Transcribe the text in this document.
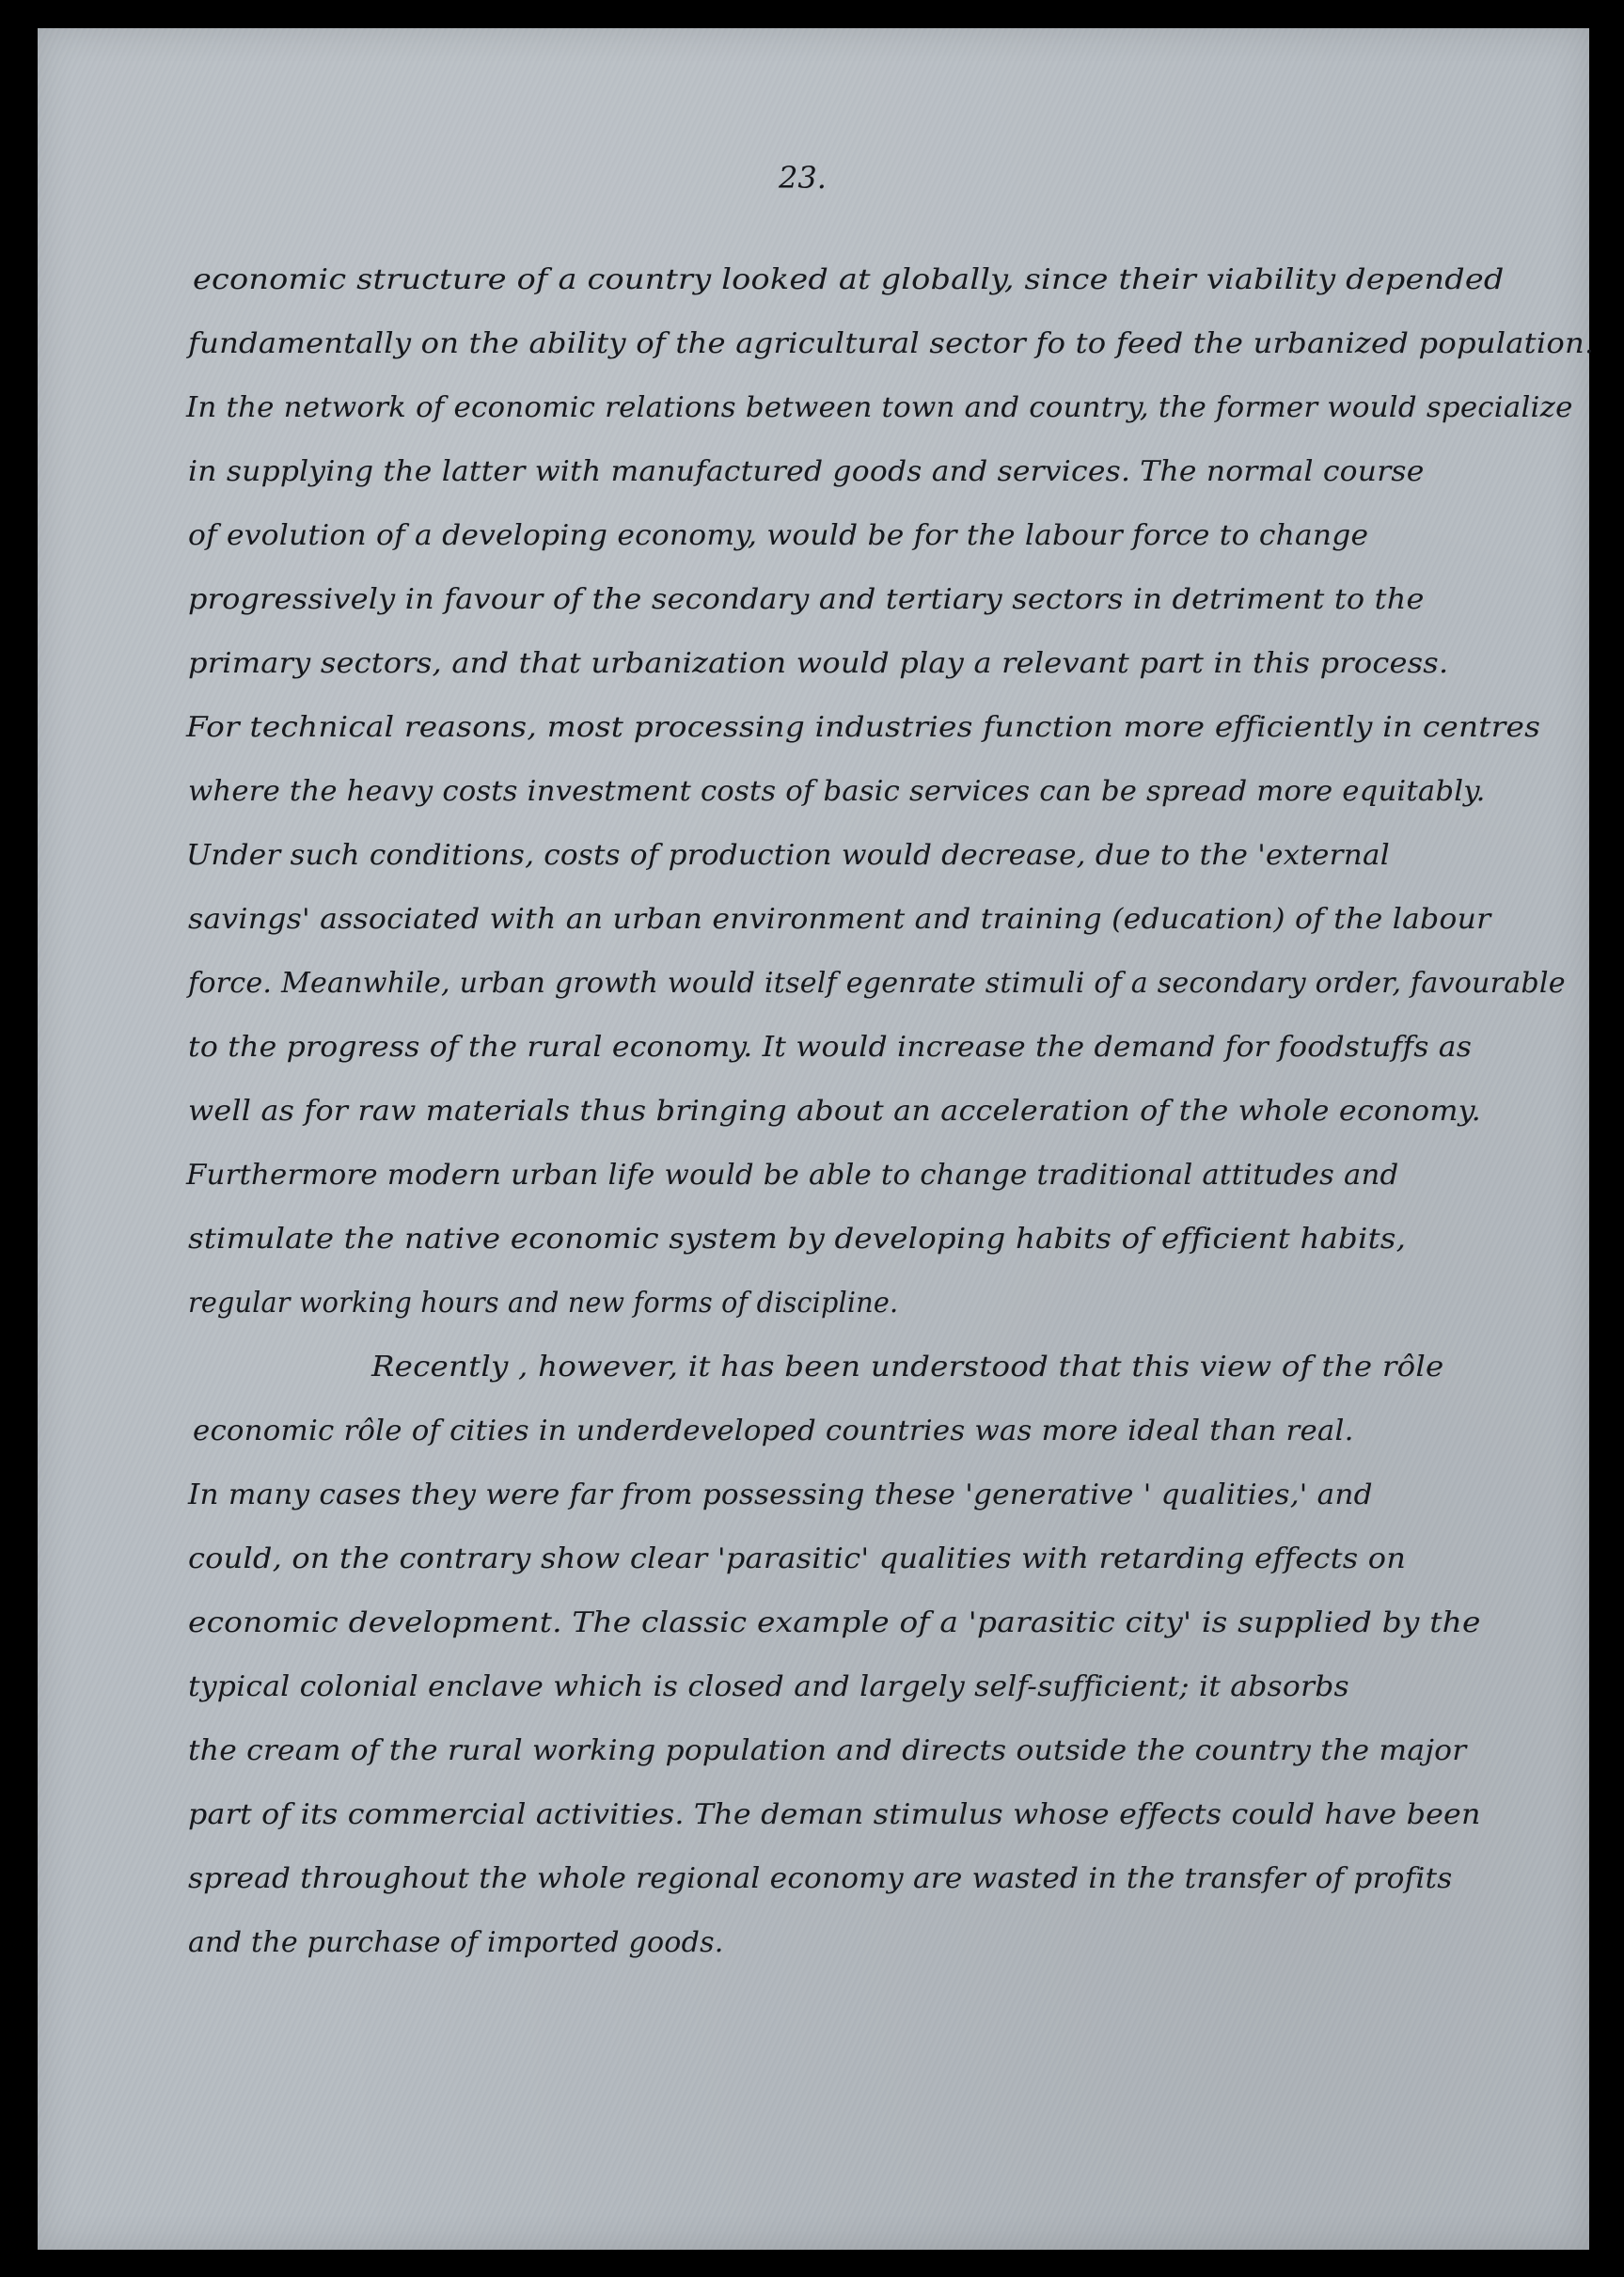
23.
economic structure of a country looked at globally, since their viability depended
fundamentally on the ability of the agricultural sector fo to feed the urbanized population.
In the network of economic relations between town and country, the former would specialize
in supplying the latter with manufactured goods and services. The normal course
of evolution of a developing economy, would be for the labour force to change
progressively in favour of the secondary and tertiary sectors in detriment to the
primary sectors, and that urbanization would play a relevant part in this process.
For technical reasons, most processing industries function more efficiently in centres
where the heavy costs investment costs of basic services can be spread more equitably.
Under such conditions, costs of production would decrease, due to the 'external
savings' associated with an urban environment and training (education) of the labour
force. Meanwhile, urban growth would itself egenrate stimuli of a secondary order, favourable
to the progress of the rural economy. It would increase the demand for foodstuffs as
well as for raw materials thus bringing about an acceleration of the whole economy.
Furthermore modern urban life would be able to change traditional attitudes and
stimulate the native economic system by developing habits of efficient habits,
regular working hours and new forms of discipline.
Recently , however, it has been understood that this view of the rôle
economic rôle of cities in underdeveloped countries was more ideal than real.
In many cases they were far from possessing these 'generative ' qualities,' and
could, on the contrary show clear 'parasitic' qualities with retarding effects on
economic development. The classic example of a 'parasitic city' is supplied by the
typical colonial enclave which is closed and largely self-sufficient; it absorbs
the cream of the rural working population and directs outside the country the major
part of its commercial activities. The deman stimulus whose effects could have been
spread throughout the whole regional economy are wasted in the transfer of profits
and the purchase of imported goods.
